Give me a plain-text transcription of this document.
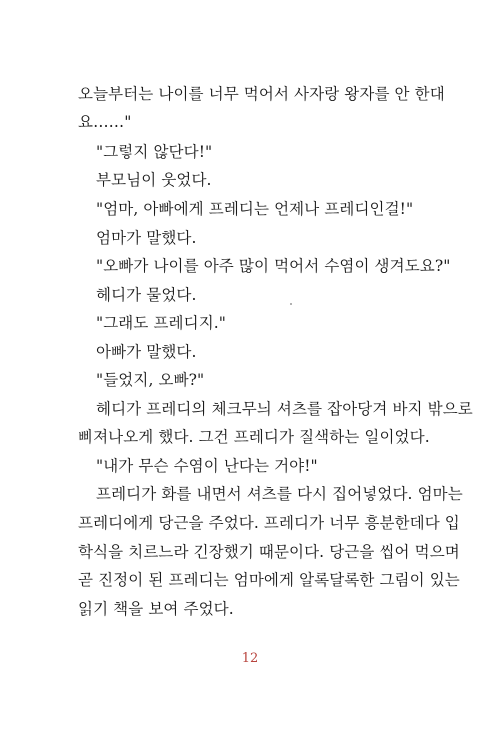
오늘부터는 나이를 너무 먹어서 사자랑 왕자를 안 한대
요……"
"그렇지 않단다!"
부모님이 웃었다.
"엄마, 아빠에게 프레디는 언제나 프레디인걸!"
엄마가 말했다.
"오빠가 나이를 아주 많이 먹어서 수염이 생겨도요?"
헤디가 물었다.
"그래도 프레디지."
아빠가 말했다.
"들었지, 오빠?"
헤디가 프레디의 체크무늬 셔츠를 잡아당겨 바지 밖으로
삐져나오게 했다. 그건 프레디가 질색하는 일이었다.
"내가 무슨 수염이 난다는 거야!"
프레디가 화를 내면서 셔츠를 다시 집어넣었다. 엄마는
프레디에게 당근을 주었다. 프레디가 너무 흥분한데다 입
학식을 치르느라 긴장했기 때문이다. 당근을 씹어 먹으며
곧 진정이 된 프레디는 엄마에게 알록달록한 그림이 있는
읽기 책을 보여 주었다.
12
